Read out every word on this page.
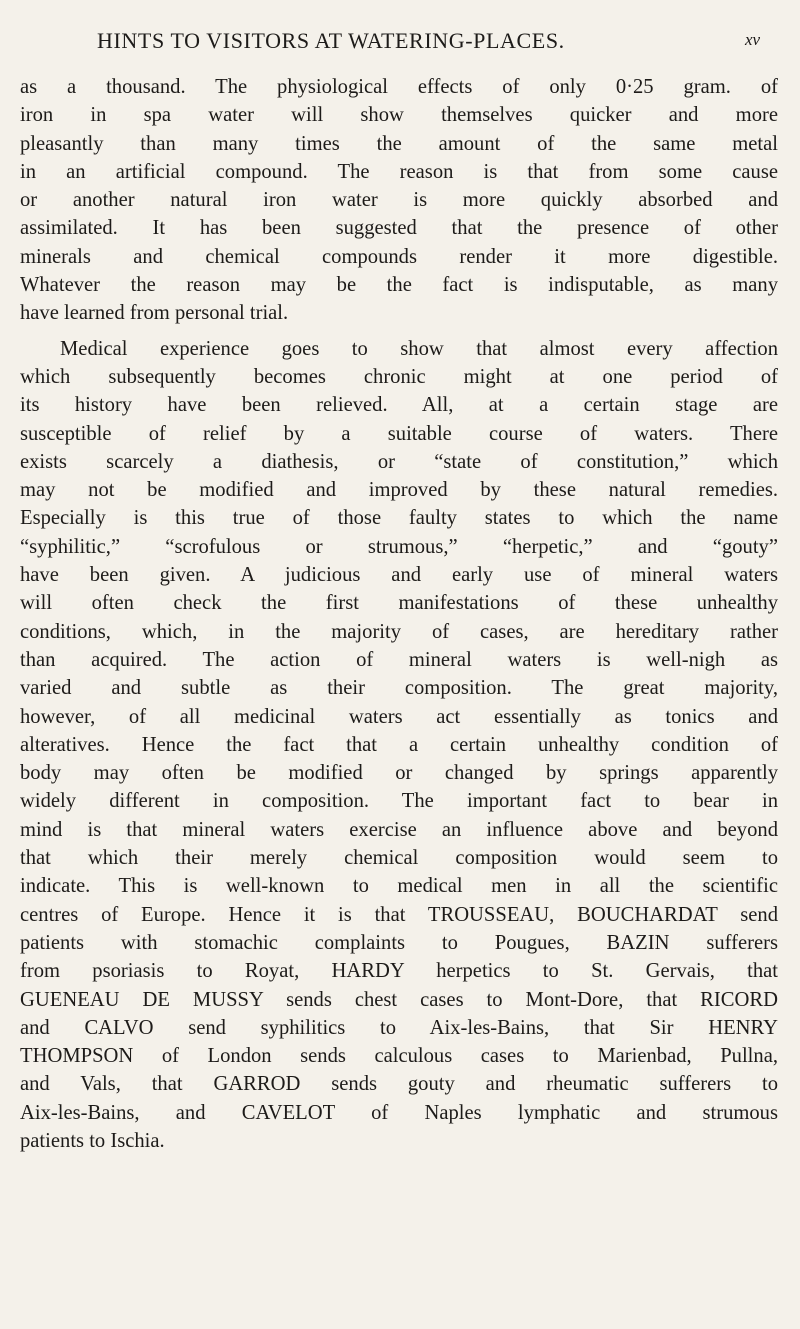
HINTS TO VISITORS AT WATERING-PLACES.	xv
as a thousand. The physiological effects of only 0·25 gram. of
iron in spa water will show themselves quicker and more
pleasantly than many times the amount of the same metal
in an artificial compound. The reason is that from some cause
or another natural iron water is more quickly absorbed and
assimilated. It has been suggested that the presence of other
minerals and chemical compounds render it more digestible.
Whatever the reason may be the fact is indisputable, as many
have learned from personal trial.
Medical experience goes to show that almost every affection
which subsequently becomes chronic might at one period of
its history have been relieved. All, at a certain stage are
susceptible of relief by a suitable course of waters. There
exists scarcely a diathesis, or “state of constitution,” which
may not be modified and improved by these natural remedies.
Especially is this true of those faulty states to which the name
“syphilitic,” “scrofulous or strumous,” “herpetic,” and “gouty”
have been given. A judicious and early use of mineral waters
will often check the first manifestations of these unhealthy
conditions, which, in the majority of cases, are hereditary rather
than acquired. The action of mineral waters is well-nigh as
varied and subtle as their composition. The great majority,
however, of all medicinal waters act essentially as tonics and
alteratives. Hence the fact that a certain unhealthy condition of
body may often be modified or changed by springs apparently
widely different in composition. The important fact to bear in
mind is that mineral waters exercise an influence above and beyond
that which their merely chemical composition would seem to
indicate. This is well-known to medical men in all the scientific
centres of Europe. Hence it is that TROUSSEAU, BOUCHARDAT send
patients with stomachic complaints to Pougues, BAZIN sufferers
from psoriasis to Royat, HARDY herpetics to St. Gervais, that
GUENEAU DE MUSSY sends chest cases to Mont-Dore, that RICORD
and CALVO send syphilitics to Aix-les-Bains, that Sir HENRY
THOMPSON of London sends calculous cases to Marienbad, Pullna,
and Vals, that GARROD sends gouty and rheumatic sufferers to
Aix-les-Bains, and CAVELOT of Naples lymphatic and strumous
patients to Ischia.
